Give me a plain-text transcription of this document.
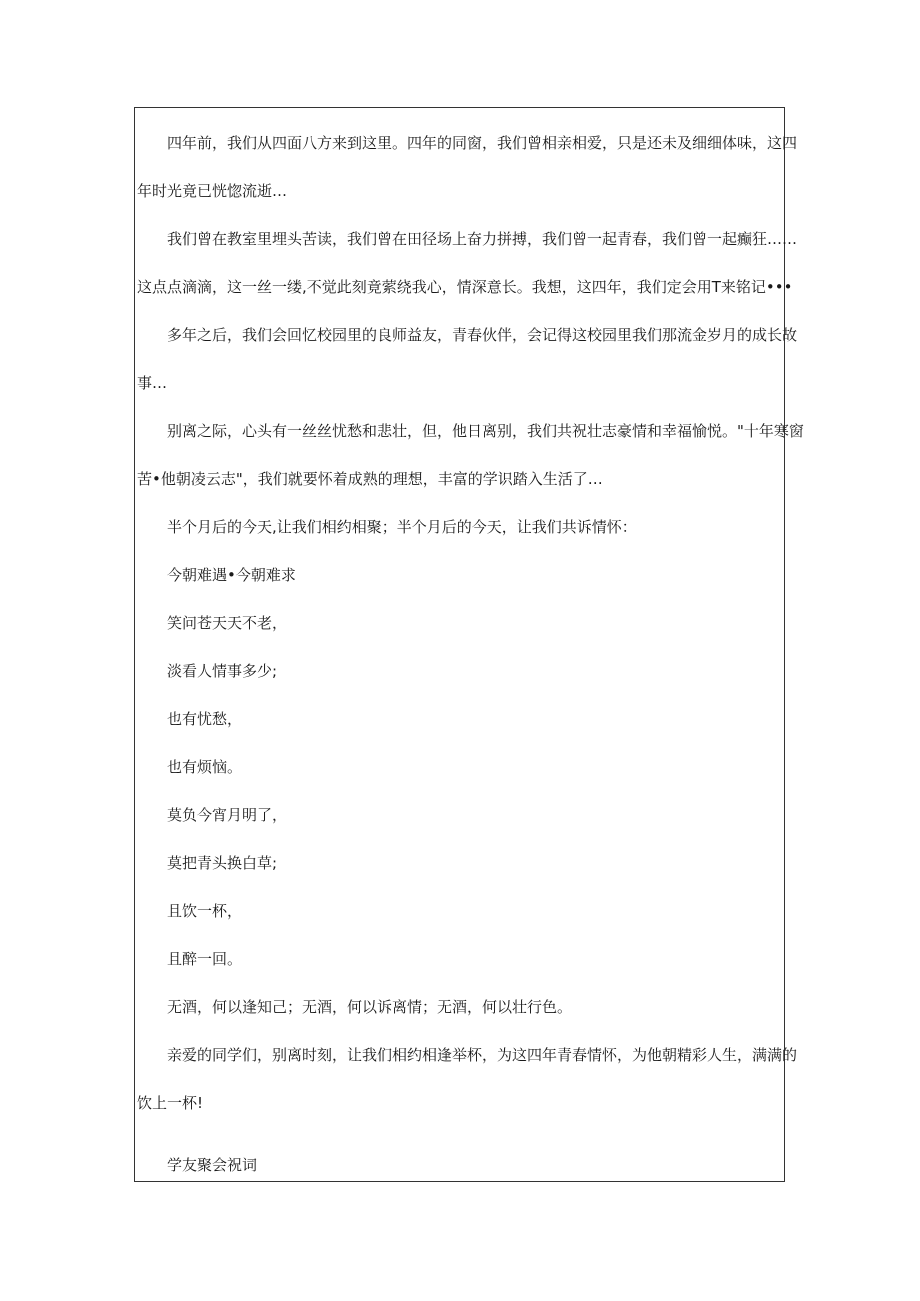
四年前，我们从四面八方来到这里。四年的同窗，我们曾相亲相爱，只是还未及细细体味，这四
年时光竟已恍惚流逝…
我们曾在教室里埋头苦读，我们曾在田径场上奋力拼搏，我们曾一起青春，我们曾一起癫狂……
这点点滴滴，这一丝一缕,不觉此刻竟萦绕我心，情深意长。我想，这四年，我们定会用T来铭记•••
多年之后，我们会回忆校园里的良师益友，青春伙伴，会记得这校园里我们那流金岁月的成长故
事…
别离之际，心头有一丝丝忧愁和悲壮，但，他日离别，我们共祝壮志豪情和幸福愉悦。"十年寒窗
苦•他朝凌云志"，我们就要怀着成熟的理想，丰富的学识踏入生活了…
半个月后的今天,让我们相约相聚；半个月后的今天，让我们共诉情怀：
今朝难遇•今朝难求
笑问苍天天不老，
淡看人情事多少;
也有忧愁，
也有烦恼。
莫负今宵月明了，
莫把青头换白草;
且饮一杯，
且醉一回。
无酒，何以逢知己；无酒，何以诉离情；无酒，何以壮行色。
亲爱的同学们，别离时刻，让我们相约相逢举杯，为这四年青春情怀，为他朝精彩人生，满满的
饮上一杯!
学友聚会祝词
